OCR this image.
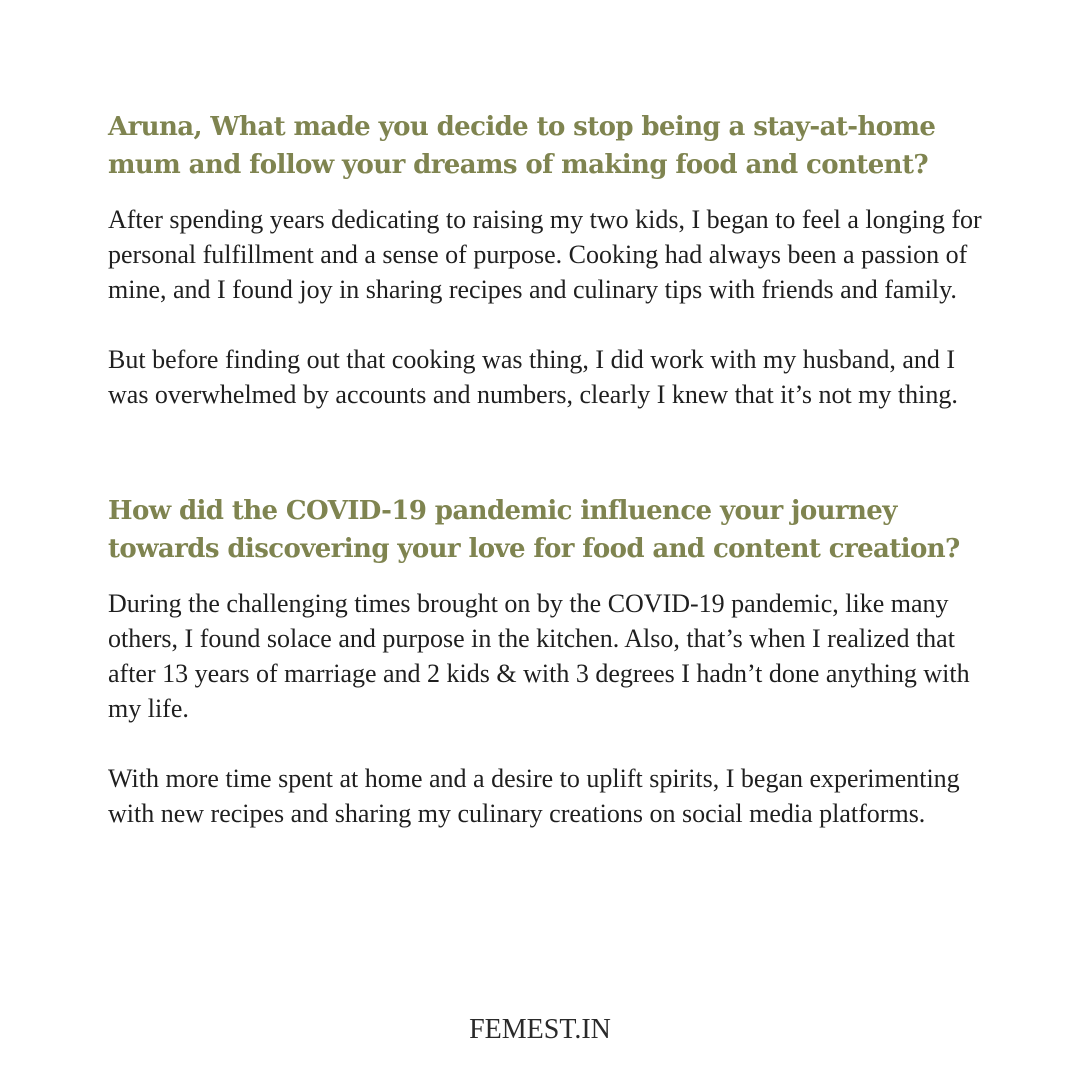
Aruna, What made you decide to stop being a stay-at-home mum and follow your dreams of making food and content?

After spending years dedicating to raising my two kids, I began to feel a longing for personal fulfillment and a sense of purpose. Cooking had always been a passion of mine, and I found joy in sharing recipes and culinary tips with friends and family.

But before finding out that cooking was thing, I did work with my husband, and I was overwhelmed by accounts and numbers, clearly I knew that it’s not my thing.

How did the COVID-19 pandemic influence your journey towards discovering your love for food and content creation?

During the challenging times brought on by the COVID-19 pandemic, like many others, I found solace and purpose in the kitchen. Also, that’s when I realized that after 13 years of marriage and 2 kids & with 3 degrees I hadn’t done anything with my life.

With more time spent at home and a desire to uplift spirits, I began experimenting with new recipes and sharing my culinary creations on social media platforms.

FEMEST.IN
